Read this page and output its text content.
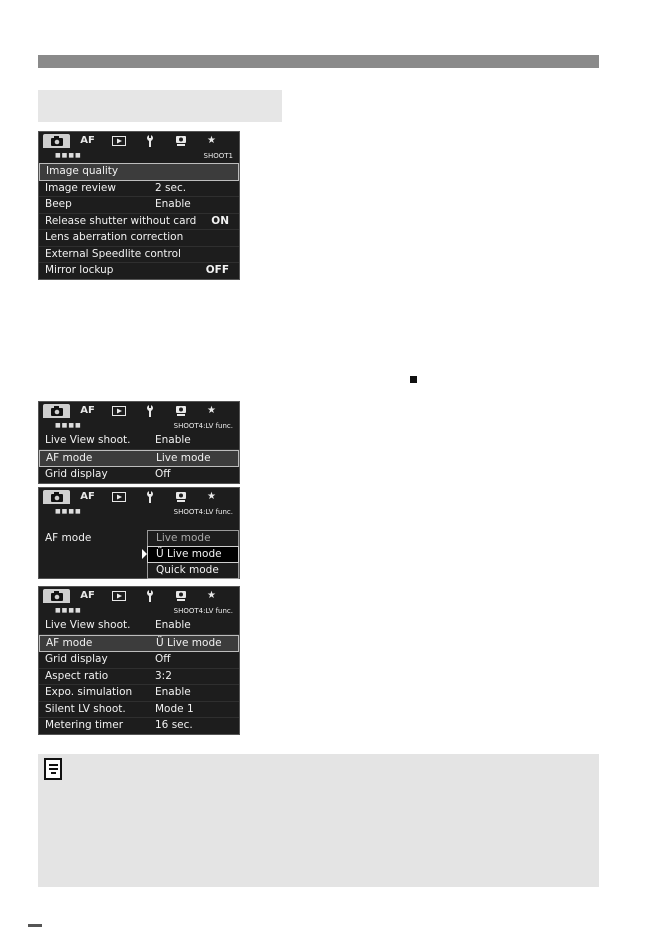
AF	★
■■■■	SHOOT1
Image quality
Image review	2 sec.
Beep	Enable
Release shutter without card ON
Lens aberration correction
External Speedlite control
Mirror lockup	OFF
AF	★
■■■■	SHOOT4:LV func.
Live View shoot. Enable
AF mode	Live mode
Grid display	Off
AF	★
■■■■	SHOOT4:LV func.
AF mode	Live mode
Ü Live mode
Quick mode
AF	★
■■■■	SHOOT4:LV func.
Live View shoot. Enable
AF mode	Ü Live mode
Grid display	Off
Aspect ratio	3:2
Expo. simulation Enable
Silent LV shoot.	Mode 1
Metering timer	16 sec.
